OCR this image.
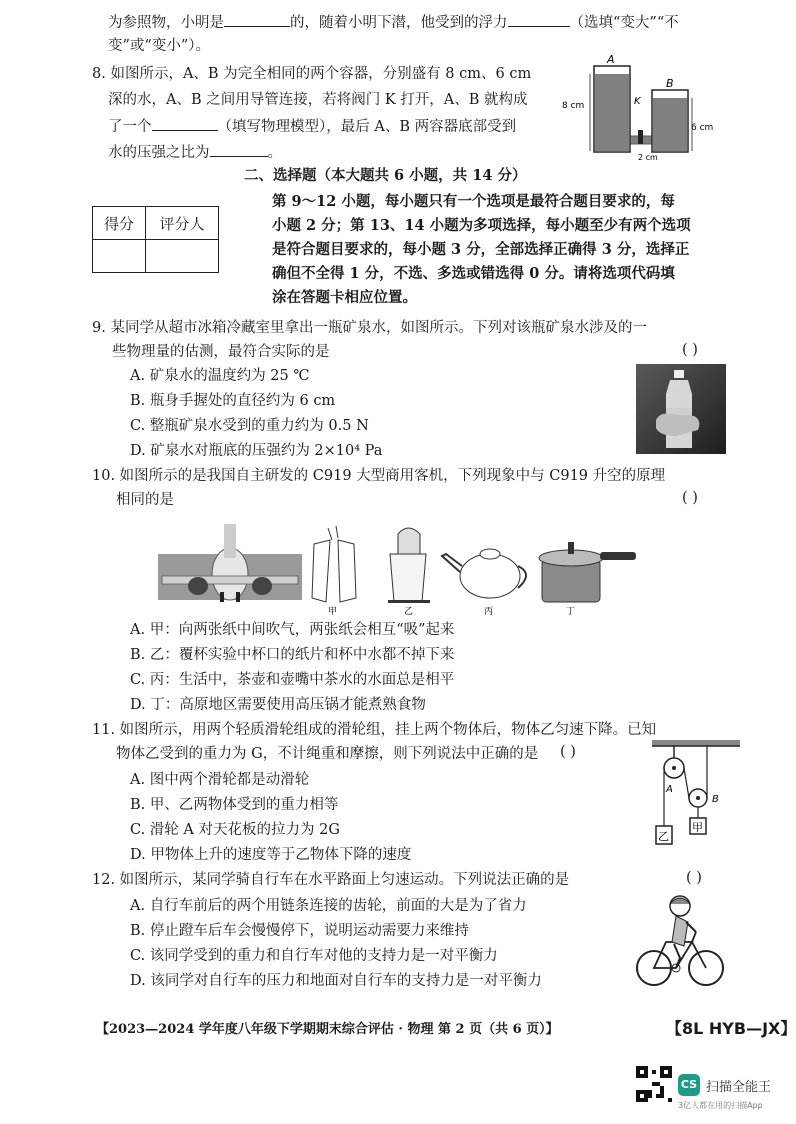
为参照物，小明是	的，随着小明下潜，他受到的浮力	（选填“变大”“不
变”或“变小”）。
8. 如图所示，A、B 为完全相同的两个容器，分别盛有 8 cm、6 cm
深的水，A、B 之间用导管连接，若将阀门 K 打开，A、B 就构成
了一个	（填写物理模型），最后 A、B 两容器底部受到
水的压强之比为	。
K
A
B
8 cm
6 cm
2 cm
二、选择题（本大题共 6 小题，共 14 分）
得分	评分人

第 9～12 小题，每小题只有一个选项是最符合题目要求的，每
小题 2 分；第 13、14 小题为多项选择，每小题至少有两个选项
是符合题目要求的，每小题 3 分，全部选择正确得 3 分，选择正
确但不全得 1 分，不选、多选或错选得 0 分。请将选项代码填
涂在答题卡相应位置。
9. 某同学从超市冰箱冷藏室里拿出一瓶矿泉水，如图所示。下列对该瓶矿泉水涉及的一
些物理量的估测，最符合实际的是	( )
A. 矿泉水的温度约为 25 ℃
B. 瓶身手握处的直径约为 6 cm
C. 整瓶矿泉水受到的重力约为 0.5 N
D. 矿泉水对瓶底的压强约为 2×10⁴ Pa
10. 如图所示的是我国自主研发的 C919 大型商用客机，下列现象中与 C919 升空的原理
相同的是	( )
甲	乙	丙	丁
A. 甲：向两张纸中间吹气，两张纸会相互“吸”起来
B. 乙：覆杯实验中杯口的纸片和杯中水都不掉下来
C. 丙：生活中，茶壶和壶嘴中茶水的水面总是相平
D. 丁：高原地区需要使用高压锅才能煮熟食物
11. 如图所示，用两个轻质滑轮组成的滑轮组，挂上两个物体后，物体乙匀速下降。已知
物体乙受到的重力为 G，不计绳重和摩擦，则下列说法中正确的是 ( )
A. 图中两个滑轮都是动滑轮
B. 甲、乙两物体受到的重力相等
C. 滑轮 A 对天花板的拉力为 2G
D. 甲物体上升的速度等于乙物体下降的速度
A
B
乙
甲
12. 如图所示，某同学骑自行车在水平路面上匀速运动。下列说法正确的是	( )
A. 自行车前后的两个用链条连接的齿轮，前面的大是为了省力
B. 停止蹬车后车会慢慢停下，说明运动需要力来维持
C. 该同学受到的重力和自行车对他的支持力是一对平衡力
D. 该同学对自行车的压力和地面对自行车的支持力是一对平衡力
【2023—2024 学年度八年级下学期期末综合评估 · 物理 第 2 页（共 6 页）】	【8L HYB—JX】
CS 扫描全能王
3亿人都在用的扫描App
